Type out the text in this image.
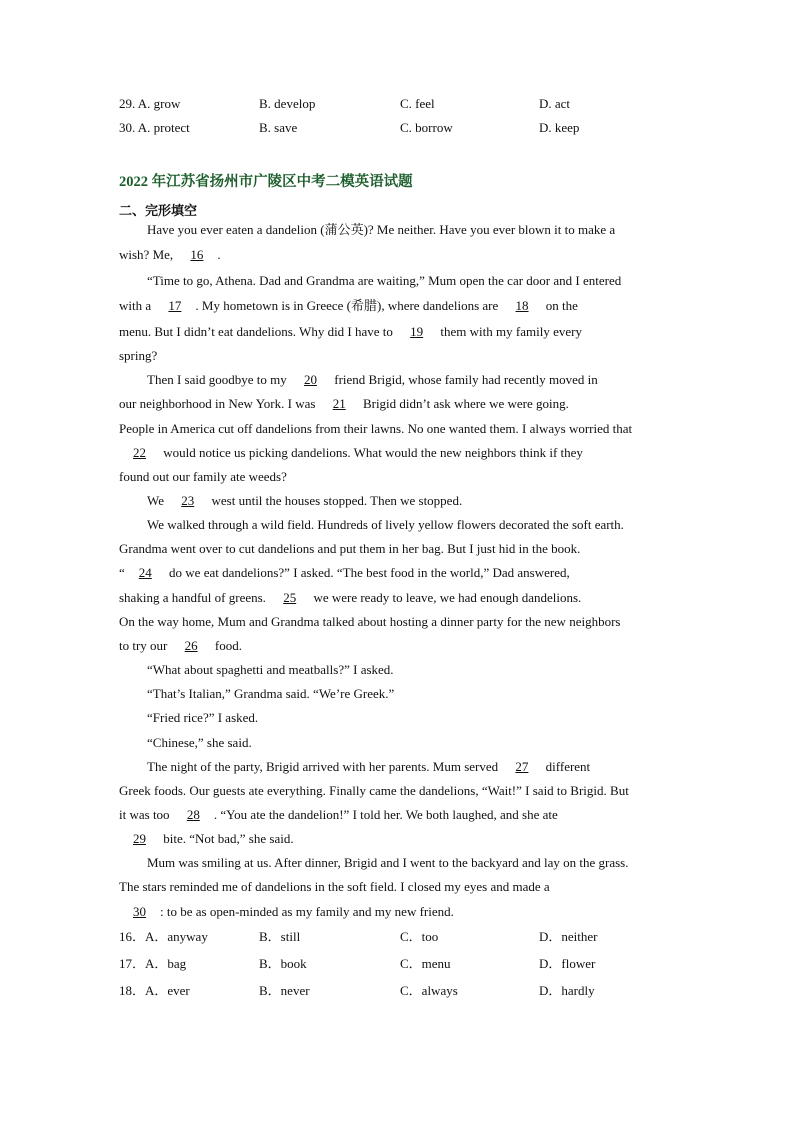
29. A. grow	B. develop	C. feel	D. act
30. A. protect	B. save	C. borrow	D. keep
2022 年江苏省扬州市广陵区中考二模英语试题
二、完形填空
Have you ever eaten a dandelion (蒲公英)? Me neither. Have you ever blown it to make a
wish? Me, 16 .
“Time to go, Athena. Dad and Grandma are waiting,” Mum open the car door and I entered
with a 17 . My hometown is in Greece (希腊), where dandelions are 18 on the
menu. But I didn’t eat dandelions. Why did I have to 19 them with my family every
spring?
Then I said goodbye to my 20 friend Brigid, whose family had recently moved in
our neighborhood in New York. I was 21 Brigid didn’t ask where we were going.
People in America cut off dandelions from their lawns. No one wanted them. I always worried that
22 would notice us picking dandelions. What would the new neighbors think if they
found out our family ate weeds?
We 23 west until the houses stopped. Then we stopped.
We walked through a wild field. Hundreds of lively yellow flowers decorated the soft earth.
Grandma went over to cut dandelions and put them in her bag. But I just hid in the book.
“ 24 do we eat dandelions?” I asked. “The best food in the world,” Dad answered,
shaking a handful of greens. 25 we were ready to leave, we had enough dandelions.
On the way home, Mum and Grandma talked about hosting a dinner party for the new neighbors
to try our 26 food.
“What about spaghetti and meatballs?” I asked.
“That’s Italian,” Grandma said. “We’re Greek.”
“Fried rice?” I asked.
“Chinese,” she said.
The night of the party, Brigid arrived with her parents. Mum served 27 different
Greek foods. Our guests ate everything. Finally came the dandelions, “Wait!” I said to Brigid. But
it was too 28 . “You ate the dandelion!” I told her. We both laughed, and she ate
29 bite. “Not bad,” she said.
Mum was smiling at us. After dinner, Brigid and I went to the backyard and lay on the grass.
The stars reminded me of dandelions in the soft field. I closed my eyes and made a
30 : to be as open-minded as my family and my new friend.
16．A．anyway	B．still	C．too	D．neither
17．A．bag	B．book	C．menu	D．flower
18．A．ever	B．never	C．always	D．hardly
